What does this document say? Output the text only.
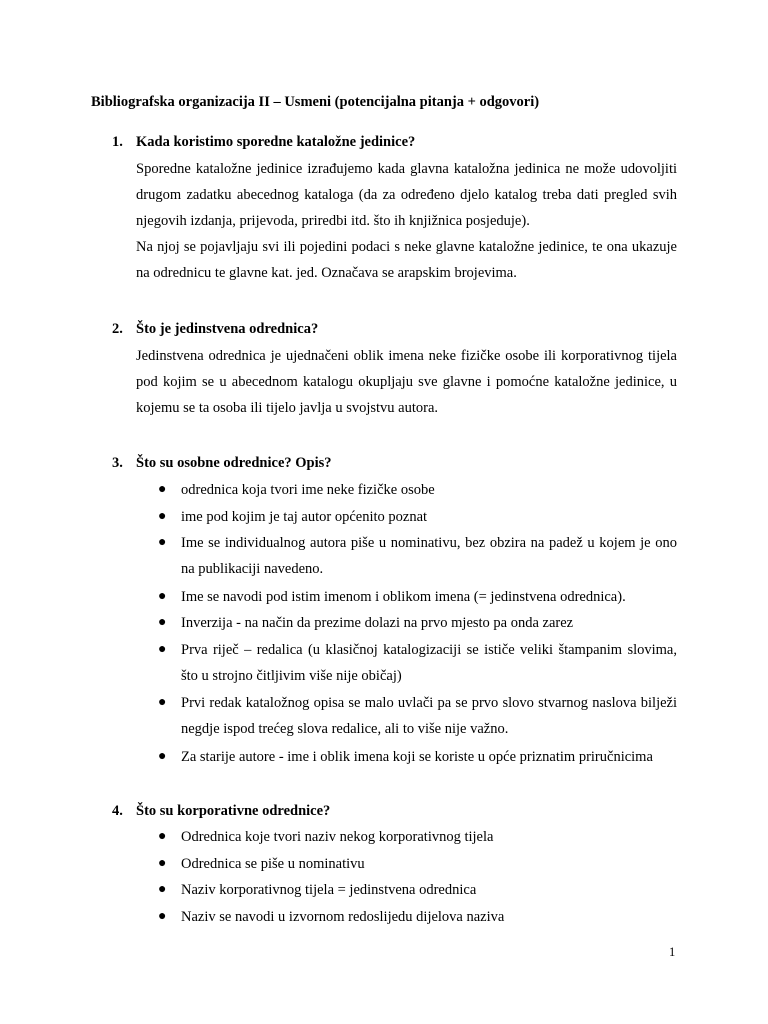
Bibliografska organizacija II – Usmeni (potencijalna pitanja + odgovori)
1. Kada koristimo sporedne kataložne jedinice?
Sporedne kataložne jedinice izrađujemo kada glavna kataložna jedinica ne može udovoljiti drugom zadatku abecednog kataloga (da za određeno djelo katalog treba dati pregled svih njegovih izdanja, prijevoda, priredbi itd. što ih knjižnica posjeduje).
Na njoj se pojavljaju svi ili pojedini podaci s neke glavne kataložne jedinice, te ona ukazuje na odrednicu te glavne kat. jed. Označava se arapskim brojevima.
2. Što je jedinstvena odrednica?
Jedinstvena odrednica je ujednačeni oblik imena neke fizičke osobe ili korporativnog tijela pod kojim se u abecednom katalogu okupljaju sve glavne i pomoćne kataložne jedinice, u kojemu se ta osoba ili tijelo javlja u svojstvu autora.
3. Što su osobne odrednice? Opis?
● odrednica koja tvori ime neke fizičke osobe
● ime pod kojim je taj autor općenito poznat
● Ime se individualnog autora piše u nominativu, bez obzira na padež u kojem je ono na publikaciji navedeno.
● Ime se navodi pod istim imenom i oblikom imena (= jedinstvena odrednica).
● Inverzija - na način da prezime dolazi na prvo mjesto pa onda zarez
● Prva riječ – redalica (u klasičnoj katalogizaciji se ističe veliki štampanim slovima, što u strojno čitljivim više nije običaj)
● Prvi redak kataložnog opisa se malo uvlači pa se prvo slovo stvarnog naslova bilježi negdje ispod trećeg slova redalice, ali to više nije važno.
● Za starije autore - ime i oblik imena koji se koriste u opće priznatim priručnicima
4. Što su korporativne odrednice?
● Odrednica koje tvori naziv nekog korporativnog tijela
● Odrednica se piše u nominativu
● Naziv korporativnog tijela = jedinstvena odrednica
● Naziv se navodi u izvornom redoslijedu dijelova naziva
1
